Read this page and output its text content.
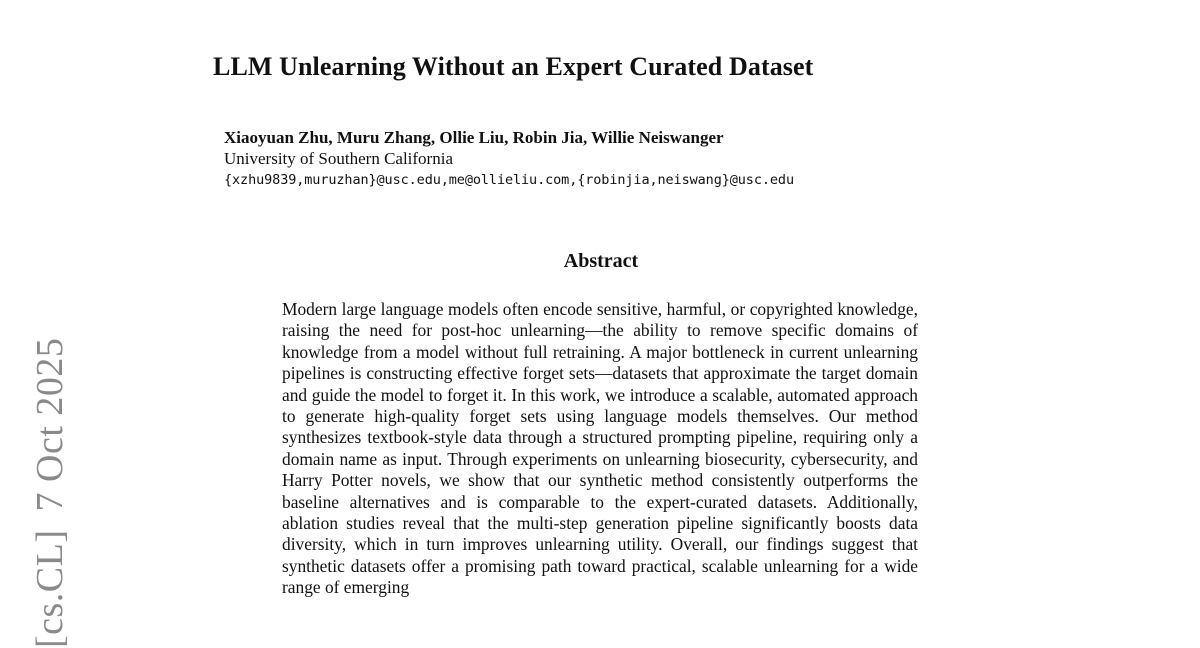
[cs.CL]7 Oct 2025
LLM Unlearning Without an Expert Curated Dataset
Xiaoyuan Zhu, Muru Zhang, Ollie Liu, Robin Jia, Willie Neiswanger
University of Southern California
{xzhu9839,muruzhan}@usc.edu,me@ollieliu.com,{robinjia,neiswang}@usc.edu
Abstract

Modern large language models often encode sensitive, harmful, or copyrighted knowledge, raising the need for post-hoc unlearning—the ability to remove specific domains of knowledge from a model without full retraining. A major bottleneck in current unlearning pipelines is constructing effective forget sets—datasets that approximate the target domain and guide the model to forget it. In this work, we introduce a scalable, automated approach to generate high-quality forget sets using language models themselves. Our method synthesizes textbook-style data through a structured prompting pipeline, requiring only a domain name as input. Through experiments on unlearning biosecurity, cybersecurity, and Harry Potter novels, we show that our synthetic method consistently outperforms the baseline alternatives and is comparable to the expert-curated datasets. Additionally, ablation studies reveal that the multi-step generation pipeline significantly boosts data diversity, which in turn improves unlearning utility. Overall, our findings suggest that synthetic datasets offer a promising path toward practical, scalable unlearning for a wide range of emerging
